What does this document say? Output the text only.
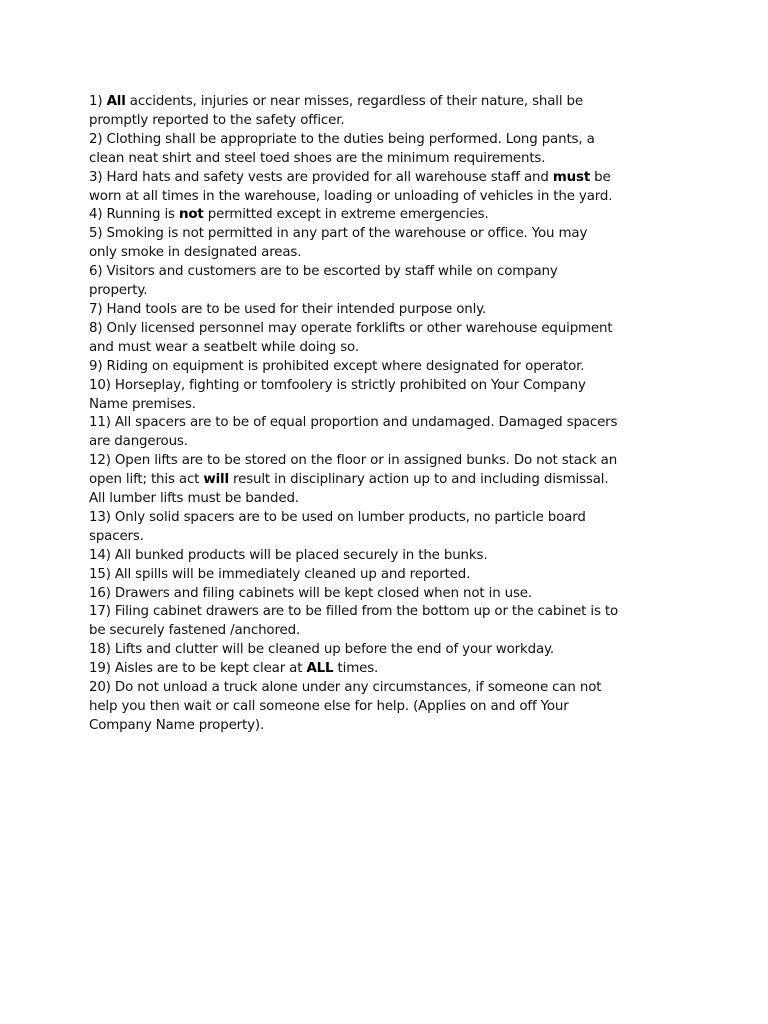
1) All accidents, injuries or near misses, regardless of their nature, shall be promptly reported to the safety officer.
2) Clothing shall be appropriate to the duties being performed. Long pants, a clean neat shirt and steel toed shoes are the minimum requirements.
3) Hard hats and safety vests are provided for all warehouse staff and must be worn at all times in the warehouse, loading or unloading of vehicles in the yard.
4) Running is not permitted except in extreme emergencies.
5) Smoking is not permitted in any part of the warehouse or office. You may only smoke in designated areas.
6) Visitors and customers are to be escorted by staff while on company property.
7) Hand tools are to be used for their intended purpose only.
8) Only licensed personnel may operate forklifts or other warehouse equipment and must wear a seatbelt while doing so.
9) Riding on equipment is prohibited except where designated for operator.
10) Horseplay, fighting or tomfoolery is strictly prohibited on Your Company Name premises.
11) All spacers are to be of equal proportion and undamaged. Damaged spacers are dangerous.
12) Open lifts are to be stored on the floor or in assigned bunks. Do not stack an open lift; this act will result in disciplinary action up to and including dismissal. All lumber lifts must be banded.
13) Only solid spacers are to be used on lumber products, no particle board spacers.
14) All bunked products will be placed securely in the bunks.
15) All spills will be immediately cleaned up and reported.
16) Drawers and filing cabinets will be kept closed when not in use.
17) Filing cabinet drawers are to be filled from the bottom up or the cabinet is to be securely fastened /anchored.
18) Lifts and clutter will be cleaned up before the end of your workday.
19) Aisles are to be kept clear at ALL times.
20) Do not unload a truck alone under any circumstances, if someone can not help you then wait or call someone else for help. (Applies on and off Your Company Name property).
